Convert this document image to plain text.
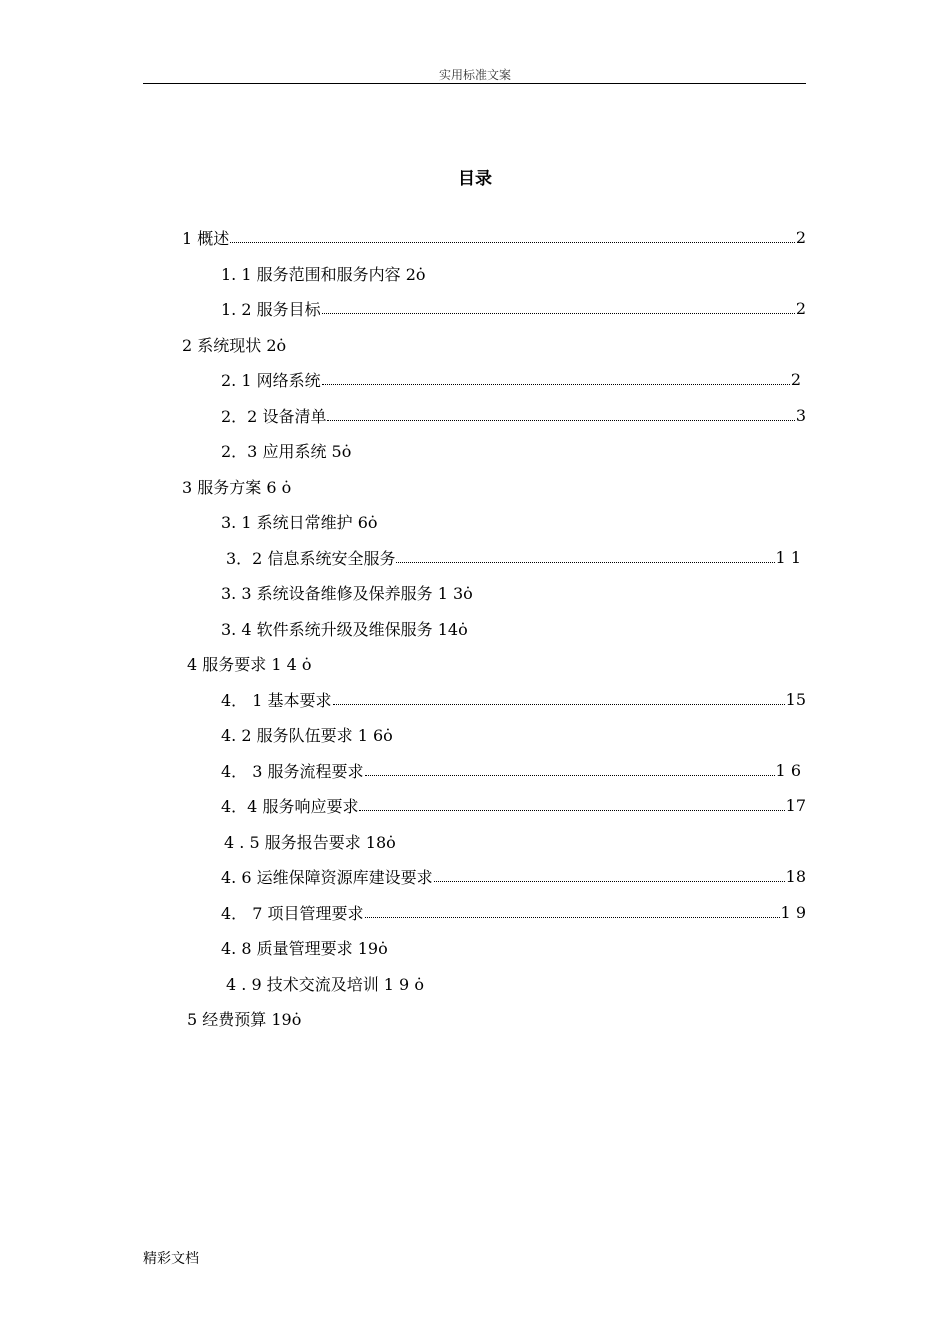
实用标准文案
目录
1 概述	2
1. 1 服务范围和服务内容 2ȯ
1. 2 服务目标	2
2 系统现状 2ȯ
2. 1 网络系统	2
2．2 设备清单	3
2．3 应用系统 5ȯ
3 服务方案 6 ȯ
3. 1 系统日常维护 6ȯ
3．2 信息系统安全服务	1 1
3. 3 系统设备维修及保养服务 1 3ȯ
3. 4 软件系统升级及维保服务 14ȯ
4 服务要求 1 4 ȯ
4． 1 基本要求	15
4. 2 服务队伍要求 1 6ȯ
4． 3 服务流程要求	1 6
4．4 服务响应要求	17
4 . 5 服务报告要求 18ȯ
4. 6 运维保障资源库建设要求	18
4． 7 项目管理要求	1 9
4. 8 质量管理要求 19ȯ
4 . 9 技术交流及培训 1 9 ȯ
5 经费预算 19ȯ
精彩文档
